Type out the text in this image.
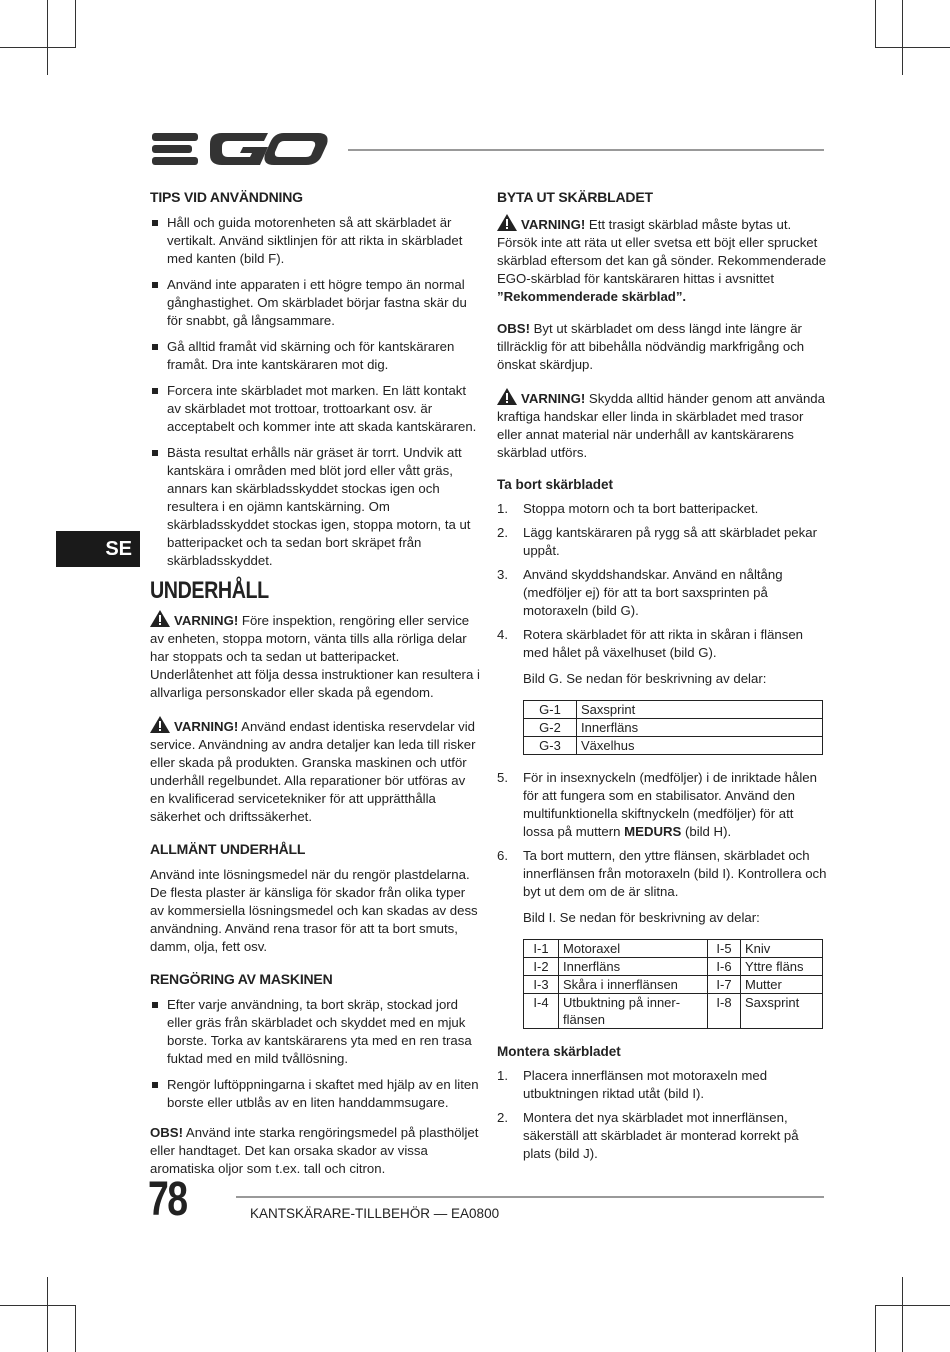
SE
TIPS VID ANVÄNDNING
Håll och guida motorenheten så att skärbladet är vertikalt. Använd siktlinjen för att rikta in skärbladet med kanten (bild F).
Använd inte apparaten i ett högre tempo än normal gånghastighet. Om skärbladet börjar fastna skär du för snabbt, gå långsammare.
Gå alltid framåt vid skärning och för kantskäraren framåt. Dra inte kantskäraren mot dig.
Forcera inte skärbladet mot marken. En lätt kontakt av skärbladet mot trottoar, trottoarkant osv. är acceptabelt och kommer inte att skada kantskäraren.
Bästa resultat erhålls när gräset är torrt. Undvik att kantskära i områden med blöt jord eller vått gräs, annars kan skärbladsskyddet stockas igen och resultera i en ojämn kantskärning. Om skärbladsskyddet stockas igen, stoppa motorn, ta ut batteripacket och ta sedan bort skräpet från skärbladsskyddet.
UNDERHÅLL

VARNING! Före inspektion, rengöring eller service av enheten, stoppa motorn, vänta tills alla rörliga delar har stoppats och ta sedan ut batteripacket. Underlåtenhet att följa dessa instruktioner kan resultera i allvarliga personskador eller skada på egendom.

VARNING! Använd endast identiska reservdelar vid service. Användning av andra detaljer kan leda till risker eller skada på produkten. Granska maskinen och utför underhåll regelbundet. Alla reparationer bör utföras av en kvalificerad servicetekniker för att upprätthålla säkerhet och driftssäkerhet.

ALLMÄNT UNDERHÅLL

Använd inte lösningsmedel när du rengör plastdelarna. De flesta plaster är känsliga för skador från olika typer av kommersiella lösningsmedel och kan skadas av dess användning. Använd rena trasor för att ta bort smuts, damm, olja, fett osv.

RENGÖRING AV MASKINEN
Efter varje användning, ta bort skräp, stockad jord eller gräs från skärbladet och skyddet med en mjuk borste. Torka av kantskärarens yta med en ren trasa fuktad med en mild tvållösning.
Rengör luftöppningarna i skaftet med hjälp av en liten borste eller utblås av en liten handdammsugare.

OBS! Använd inte starka rengöringsmedel på plasthöljet eller handtaget. Det kan orsaka skador av vissa aromatiska oljor som t.ex. tall och citron.

BYTA UT SKÄRBLADET

VARNING! Ett trasigt skärblad måste bytas ut. Försök inte att räta ut eller svetsa ett böjt eller sprucket skärblad eftersom det kan gå sönder. Rekommenderade EGO-skärblad för kantskäraren hittas i avsnittet ”Rekommenderade skärblad”.

OBS! Byt ut skärbladet om dess längd inte längre är tillräcklig för att bibehålla nödvändig markfrigång och önskat skärdjup.

VARNING! Skydda alltid händer genom att använda kraftiga handskar eller linda in skärbladet med trasor eller annat material när underhåll av kantskärarens skärblad utförs.

Ta bort skärbladet
1. Stoppa motorn och ta bort batteripacket.
2. Lägg kantskäraren på rygg så att skärbladet pekar uppåt.
3. Använd skyddshandskar. Använd en nåltång (medföljer ej) för att ta bort saxsprinten på motoraxeln (bild G).
4. Rotera skärbladet för att rikta in skåran i flänsen med hålet på växelhuset (bild G).
Bild G. Se nedan för beskrivning av delar:
G-1	Saxsprint
G-2	Innerfläns
G-3	Växelhus
5. För in insexnyckeln (medföljer) i de inriktade hålen för att fungera som en stabilisator. Använd den multifunktionella skiftnyckeln (medföljer) för att lossa på muttern MEDURS (bild H).
6. Ta bort muttern, den yttre flänsen, skärbladet och innerflänsen från motoraxeln (bild I). Kontrollera och byt ut dem om de är slitna.
Bild I. Se nedan för beskrivning av delar:
I-1	Motoraxel	I-5	Kniv
I-2	Innerfläns	I-6	Yttre fläns
I-3	Skåra i innerflänsen	I-7	Mutter
I-4	Utbuktning på inner-flänsen	I-8	Saxsprint
Montera skärbladet
1. Placera innerflänsen mot motoraxeln med utbuktningen riktad utåt (bild I).
2. Montera det nya skärbladet mot innerflänsen, säkerställ att skärbladet är monterad korrekt på plats (bild J).
78	KANTSKÄRARE-TILLBEHÖR — EA0800
